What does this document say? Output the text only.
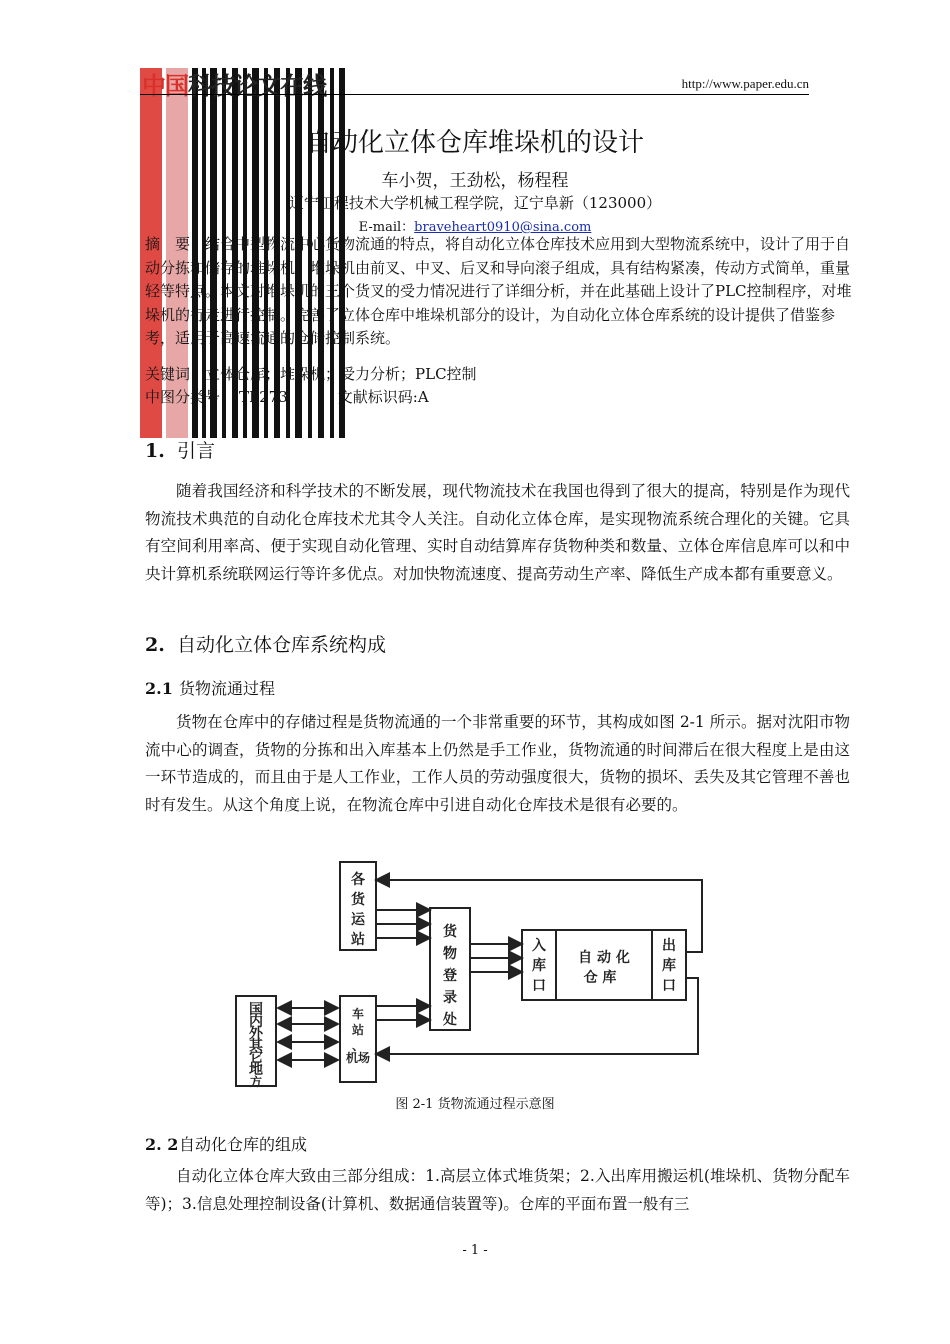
中国科技论文在线	http://www.paper.edu.cn
自动化立体仓库堆垛机的设计
车小贺，王劲松，杨程程
辽宁工程技术大学机械工程学院，辽宁阜新（123000）
E-mail：braveheart0910@sina.com
摘　要：结合中型物流中心货物流通的特点，将自动化立体仓库技术应用到大型物流系统中，设计了用于自动分拣和储存的堆垛机。堆垛机由前叉、中叉、后叉和导向滚子组成，具有结构紧凑，传动方式简单，重量轻等特点。本文对堆垛机的三个货叉的受力情况进行了详细分析，并在此基础上设计了PLC控制程序，对堆垛机的行走进行控制。完善了立体仓库中堆垛机部分的设计，为自动化立体仓库系统的设计提供了借鉴参考，适用于高速流通的仓储控制系统。
关键词：立体仓库；堆垛机；受力分析；PLC控制
中图分类号： TP273	文献标识码:A
1. 引言
随着我国经济和科学技术的不断发展，现代物流技术在我国也得到了很大的提高，特别是作为现代物流技术典范的自动化仓库技术尤其令人关注。自动化立体仓库，是实现物流系统合理化的关键。它具有空间利用率高、便于实现自动化管理、实时自动结算库存货物种类和数量、立体仓库信息库可以和中央计算机系统联网运行等许多优点。对加快物流速度、提高劳动生产率、降低生产成本都有重要意义。
2. 自动化立体仓库系统构成
2.1 货物流通过程
货物在仓库中的存储过程是货物流通的一个非常重要的环节，其构成如图 2-1 所示。据对沈阳市物流中心的调查，货物的分拣和出入库基本上仍然是手工作业，货物流通的时间滞后在很大程度上是由这一环节造成的，而且由于是人工作业，工作人员的劳动强度很大，货物的损坏、丢失及其它管理不善也时有发生。从这个角度上说，在物流仓库中引进自动化仓库技术是很有必要的。
各
货
运
站	货
物
登
录
处
入
库
口
自 动 化
仓 库
出
库
口
国
内
外
其
它
地
方
车
站
、
机场
图 2-1 货物流通过程示意图
2. 2自动化仓库的组成
自动化立体仓库大致由三部分组成：1.高层立体式堆货架；2.入出库用搬运机(堆垛机、货物分配车等)；3.信息处理控制设备(计算机、数据通信装置等)。仓库的平面布置一般有三
- 1 -
